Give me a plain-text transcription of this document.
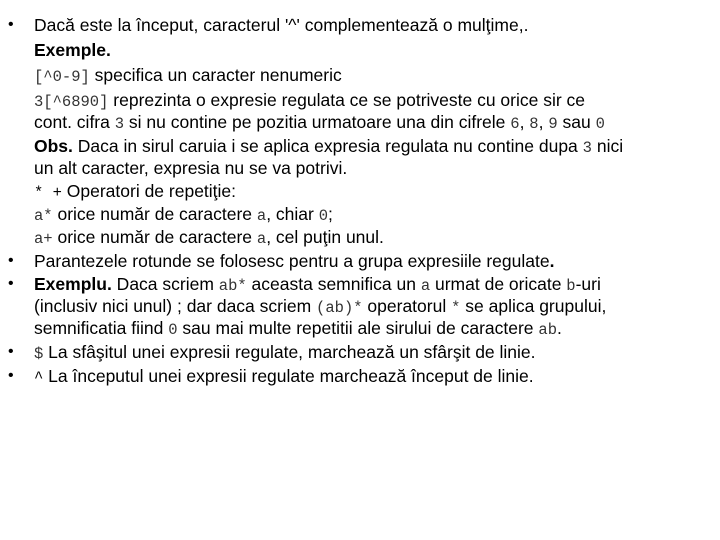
•	Dacă este la început, caracterul '^' complementează o mulţime,.
Exemple.
[^0-9] specifica un caracter nenumeric
3[^6890] reprezinta o expresie regulata ce se potriveste cu orice sir ce
cont. cifra 3 si nu contine pe pozitia urmatoare una din cifrele 6, 8, 9 sau 0
Obs. Daca in sirul caruia i se aplica expresia regulata nu contine dupa 3 nici
un alt caracter, expresia nu se va potrivi.
* + Operatori de repetiţie:
a* orice număr de caractere a, chiar 0;
a+ orice număr de caractere a, cel puţin unul.
•	Parantezele rotunde se folosesc pentru a grupa expresiile regulate.
•	Exemplu. Daca scriem ab* aceasta semnifica un a urmat de oricate b-uri
(inclusiv nici unul) ; dar daca scriem (ab)* operatorul * se aplica grupului,
semnificatia fiind 0 sau mai multe repetitii ale sirului de caractere ab.
•	$ La sfâşitul unei expresii regulate, marchează un sfârşit de linie.
•	^ La începutul unei expresii regulate marchează început de linie.
